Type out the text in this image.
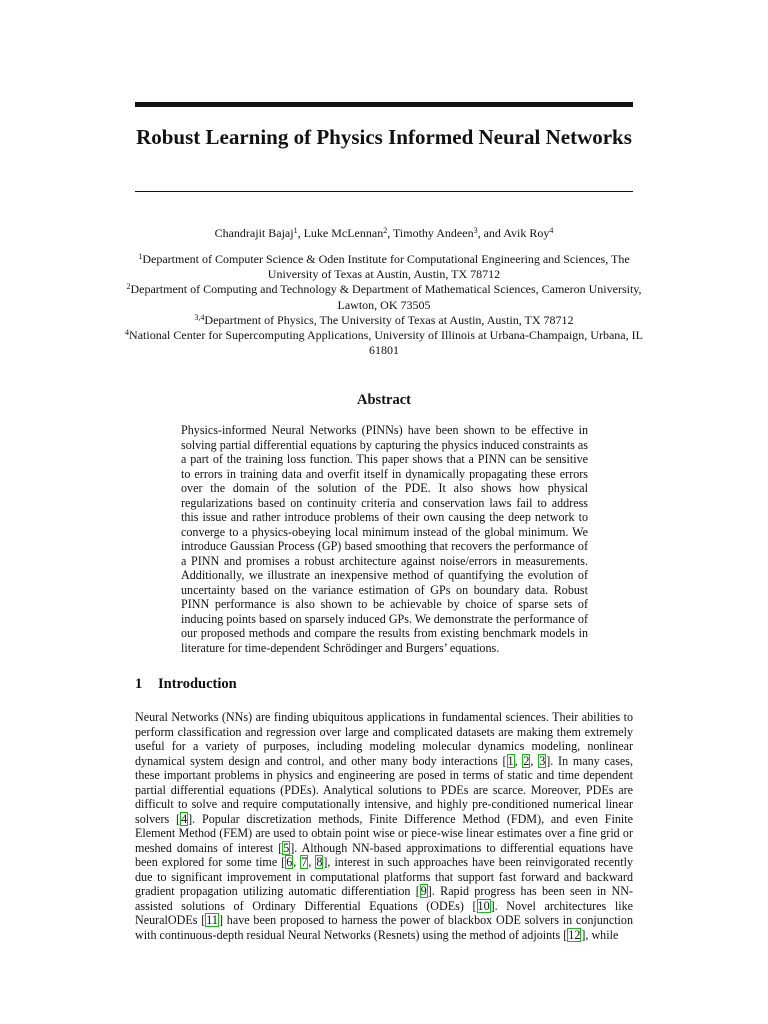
Robust Learning of Physics Informed Neural Networks
Chandrajit Bajaj$^1$, Luke McLennan$^2$, Timothy Andeen$^3$, and Avik Roy$^4$
$^1$Department of Computer Science & Oden Institute for Computational Engineering and Sciences, The University of Texas at Austin, Austin, TX 78712
$^2$Department of Computing and Technology & Department of Mathematical Sciences, Cameron University, Lawton, OK 73505
$^{3,4}$Department of Physics, The University of Texas at Austin, Austin, TX 78712
$^4$National Center for Supercomputing Applications, University of Illinois at Urbana-Champaign, Urbana, IL 61801
Abstract
Physics-informed Neural Networks (PINNs) have been shown to be effective in solving partial differential equations by capturing the physics induced constraints as a part of the training loss function. This paper shows that a PINN can be sensitive to errors in training data and overfit itself in dynamically propagating these errors over the domain of the solution of the PDE. It also shows how physical regularizations based on continuity criteria and conservation laws fail to address this issue and rather introduce problems of their own causing the deep network to converge to a physics-obeying local minimum instead of the global minimum. We introduce Gaussian Process (GP) based smoothing that recovers the performance of a PINN and promises a robust architecture against noise/errors in measurements. Additionally, we illustrate an inexpensive method of quantifying the evolution of uncertainty based on the variance estimation of GPs on boundary data. Robust PINN performance is also shown to be achievable by choice of sparse sets of inducing points based on sparsely induced GPs. We demonstrate the performance of our proposed methods and compare the results from existing benchmark models in literature for time-dependent Schrödinger and Burgers’ equations.
1 Introduction
Neural Networks (NNs) are finding ubiquitous applications in fundamental sciences. Their abilities to perform classification and regression over large and complicated datasets are making them extremely useful for a variety of purposes, including modeling molecular dynamics modeling, nonlinear dynamical system design and control, and other many body interactions [1, 2, 3]. In many cases, these important problems in physics and engineering are posed in terms of static and time dependent partial differential equations (PDEs). Analytical solutions to PDEs are scarce. Moreover, PDEs are difficult to solve and require computationally intensive, and highly pre-conditioned numerical linear solvers [4]. Popular discretization methods, Finite Difference Method (FDM), and even Finite Element Method (FEM) are used to obtain point wise or piece-wise linear estimates over a fine grid or meshed domains of interest [5]. Although NN-based approximations to differential equations have been explored for some time [6, 7, 8], interest in such approaches have been reinvigorated recently due to significant improvement in computational platforms that support fast forward and backward gradient propagation utilizing automatic differentiation [9]. Rapid progress has been seen in NN-assisted solutions of Ordinary Differential Equations (ODEs) [10]. Novel architectures like NeuralODEs [11] have been proposed to harness the power of blackbox ODE solvers in conjunction with continuous-depth residual Neural Networks (Resnets) using the method of adjoints [12], while
